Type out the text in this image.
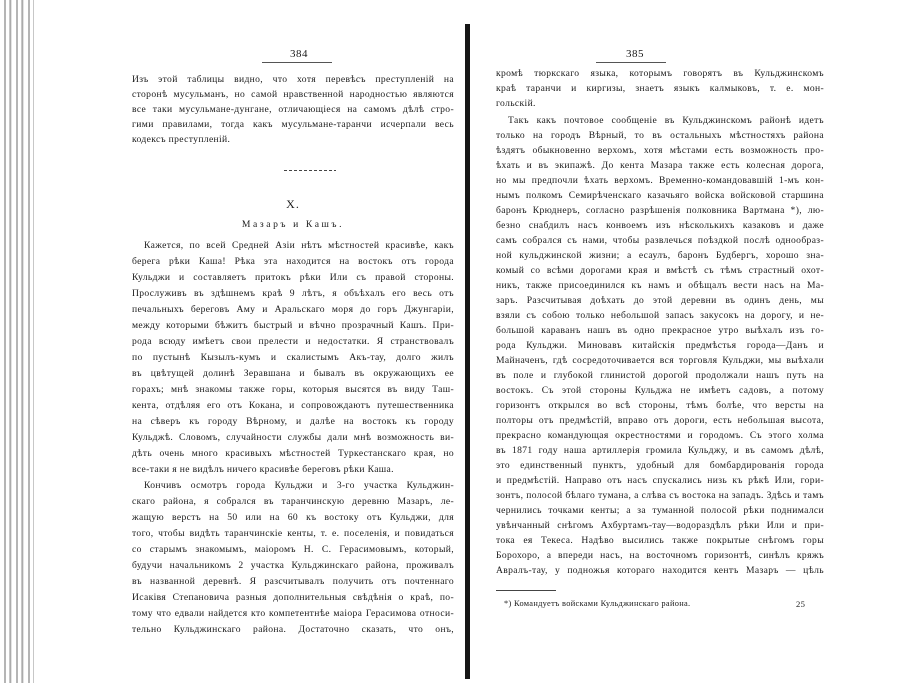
384
Изъ этой таблицы видно, что хотя перевѣсъ преступленій на
сторонѣ мусульманъ, но самой нравственной народностью являются
все таки мусульмане-дунгане, отличающіеся на самомъ дѣлѣ стро-
гими правилами, тогда какъ мусульмане-таранчи исчерпали весь
кодексъ преступленій.
X.
Мазаръ и Кашъ.
Кажется, по всей Средней Азіи нѣтъ мѣстностей красивѣе, какъ
берега рѣки Каша! Рѣка эта находится на востокъ отъ города
Кульджи и составляетъ притокъ рѣки Или съ правой стороны.
Прослуживъ въ здѣшнемъ краѣ 9 лѣтъ, я объѣхалъ его весь отъ
печальныхъ береговъ Аму и Аральскаго моря до горъ Джунгаріи,
между которыми бѣжитъ быстрый и вѣчно прозрачный Кашъ. При-
рода всюду имѣетъ свои прелести и недостатки. Я странствовалъ
по пустынѣ Кызылъ-кумъ и скалистымъ Акъ-тау, долго жилъ
въ цвѣтущей долинѣ Зеравшана и бывалъ въ окружающихъ ее
горахъ; мнѣ знакомы также горы, которыя высятся въ виду Таш-
кента, отдѣляя его отъ Кокана, и сопровождаютъ путешественника
на сѣверъ къ городу Вѣрному, и далѣе на востокъ къ городу
Кульджѣ. Словомъ, случайности службы дали мнѣ возможность ви-
дѣть очень много красивыхъ мѣстностей Туркестанскаго края, но
все-таки я не видѣлъ ничего красивѣе береговъ рѣки Каша.
Кончивъ осмотръ города Кульджи и 3-го участка Кульджин-
скаго района, я собрался въ таранчинскую деревню Мазаръ, ле-
жащую верстъ на 50 или на 60 къ востоку отъ Кульджи, для
того, чтобы видѣть таранчинскіе кенты, т. е. поселенія, и повидаться
со старымъ знакомымъ, маіоромъ Н. С. Герасимовымъ, который,
будучи начальникомъ 2 участка Кульджинскаго района, проживалъ
въ названной деревнѣ. Я разсчитывалъ получить отъ почтеннаго
Исаківя Степановича разныя дополнительныя свѣдѣнія о краѣ, по-
тому что едвали найдется кто компетентнѣе маіора Герасимова относи-
тельно Кульджинскаго района. Достаточно сказать, что онъ,
385
кромѣ тюркскаго языка, которымъ говорятъ въ Кульджинскомъ
краѣ таранчи и киргизы, знаетъ языкъ калмыковъ, т. е. мон-
гольскій.
Такъ какъ почтовое сообщеніе въ Кульджинскомъ районѣ идетъ
только на городъ Вѣрный, то въ остальныхъ мѣстностяхъ района
ѣздятъ обыкновенно верхомъ, хотя мѣстами есть возможность про-
ѣхать и въ экипажѣ. До кента Мазара также есть колесная дорога,
но мы предпочли ѣхать верхомъ. Временно-командовавшій 1-мъ кон-
нымъ полкомъ Семирѣченскаго казачьяго войска войсковой старшина
баронъ Крюднеръ, согласно разрѣшенія полковника Вартмана *), лю-
безно снабдилъ насъ конвоемъ изъ нѣсколькихъ казаковъ и даже
самъ собрался съ нами, чтобы развлечься поѣздкой послѣ однообраз-
ной кульджинской жизни; а есаулъ, баронъ Будбергъ, хорошо зна-
комый со всѣми дорогами края и вмѣстѣ съ тѣмъ страстный охот-
никъ, также присоединился къ намъ и обѣщалъ вести насъ на Ма-
заръ. Разсчитывая доѣхать до этой деревни въ одинъ день, мы
взяли съ собою только небольшой запасъ закусокъ на дорогу, и не-
большой караванъ нашъ въ одно прекрасное утро выѣхалъ изъ го-
рода Кульджи. Миновавъ китайскія предмѣстья города—Данъ и
Майначенъ, гдѣ сосредоточивается вся торговля Кульджи, мы выѣхали
въ поле и глубокой глинистой дорогой продолжали нашъ путь на
востокъ. Съ этой стороны Кульджа не имѣетъ садовъ, а потому
горизонтъ открылся во всѣ стороны, тѣмъ болѣе, что версты на
полторы отъ предмѣстій, вправо отъ дороги, есть небольшая высота,
прекрасно командующая окрестностями и городомъ. Съ этого холма
въ 1871 году наша артиллерія громила Кульджу, и въ самомъ дѣлѣ,
это единственный пунктъ, удобный для бомбардированія города
и предмѣстій. Направо отъ насъ спускались низь къ рѣкѣ Или, гори-
зонтъ, полосой бѣлаго тумана, а слѣва съ востока на западъ. Здѣсь и тамъ
чернились точками кенты; а за туманной полосой рѣки поднималси
увѣнчанный снѣгомъ Ахбуртамъ-тау—водораздѣлъ рѣки Или и при-
тока ея Текеса. Надѣво высились также покрытые снѣгомъ горы
Борохоро, а впереди насъ, на восточномъ горизонтѣ, синѣлъ кряжъ
Авралъ-тау, у подножья котораго находится кентъ Мазаръ — цѣль
*) Командуетъ войсками Кульджинскаго района.	25
